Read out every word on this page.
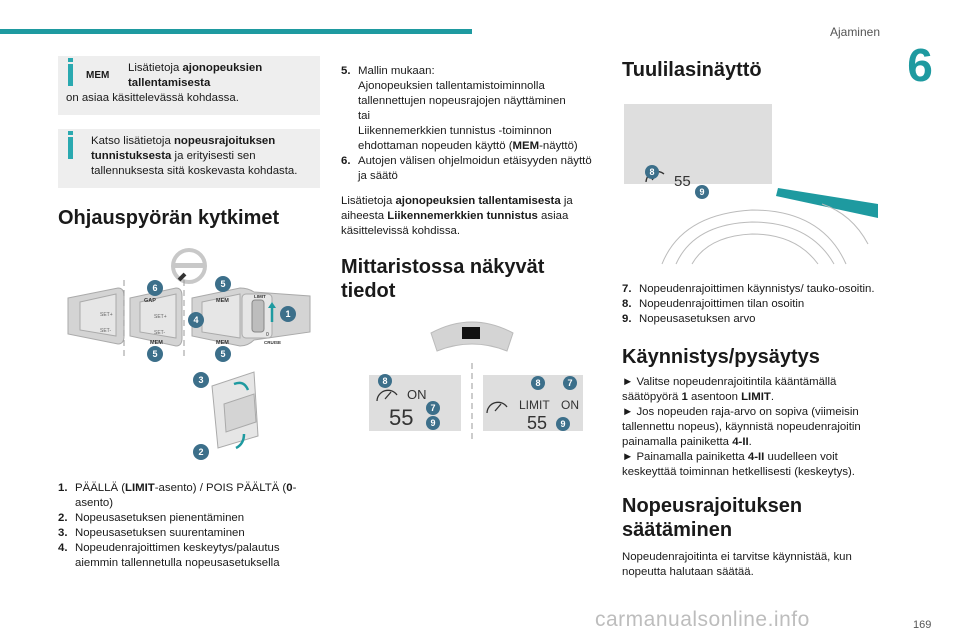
Ajaminen
6
MEM
Lisätietoja ajonopeuksien tallentamisesta
on asiaa käsittelevässä kohdassa.
Katso lisätietoja nopeusrajoituksen tunnistuksesta ja erityisesti sen tallennuksesta sitä koskevasta kohdasta.
Ohjauspyörän kytkimet
SET+
SET-
GAP
SET+
SET-
MEM
MEM
LIMIT
CRUISE
MEM
0
6	5
4
1
5	5
3
2
1. PÄÄLLÄ (LIMIT-asento) / POIS PÄÄLTÄ (0-asento)
2. Nopeusasetuksen pienentäminen
3. Nopeusasetuksen suurentaminen
4. Nopeudenrajoittimen keskeytys/palautus aiemmin tallennetulla nopeusasetuksella
5. Mallin mukaan:
Ajonopeuksien tallentamistoiminnolla tallennettujen nopeusrajojen näyttäminen
tai
Liikennemerkkien tunnistus -toiminnon ehdottaman nopeuden käyttö (MEM-näyttö)
6. Autojen välisen ohjelmoidun etäisyyden näyttö ja säätö

Lisätietoja ajonopeuksien tallentamisesta ja aiheesta Liikennemerkkien tunnistus asiaa käsittelevissä kohdissa.

Mittaristossa näkyvät tiedot
ON
55
8
7
9
LIMIT ON
55
8	7
9
Tuulilasinäyttö
55
8
9
7. Nopeudenrajoittimen käynnistys/ tauko-osoitin.
8. Nopeudenrajoittimen tilan osoitin
9. Nopeusasetuksen arvo
Käynnistys/pysäytys

► Valitse nopeudenrajoitintila kääntämällä säätöpyörä 1 asentoon LIMIT.

► Jos nopeuden raja-arvo on sopiva (viimeisin tallennettu nopeus), käynnistä nopeudenrajoitin painamalla painiketta 4-II.

► Painamalla painiketta 4-II uudelleen voit keskeyttää toiminnan hetkellisesti (keskeytys).

Nopeusrajoituksen säätäminen

Nopeudenrajoitinta ei tarvitse käynnistää, kun nopeutta halutaan säätää.

carmanualsonline.info	169
